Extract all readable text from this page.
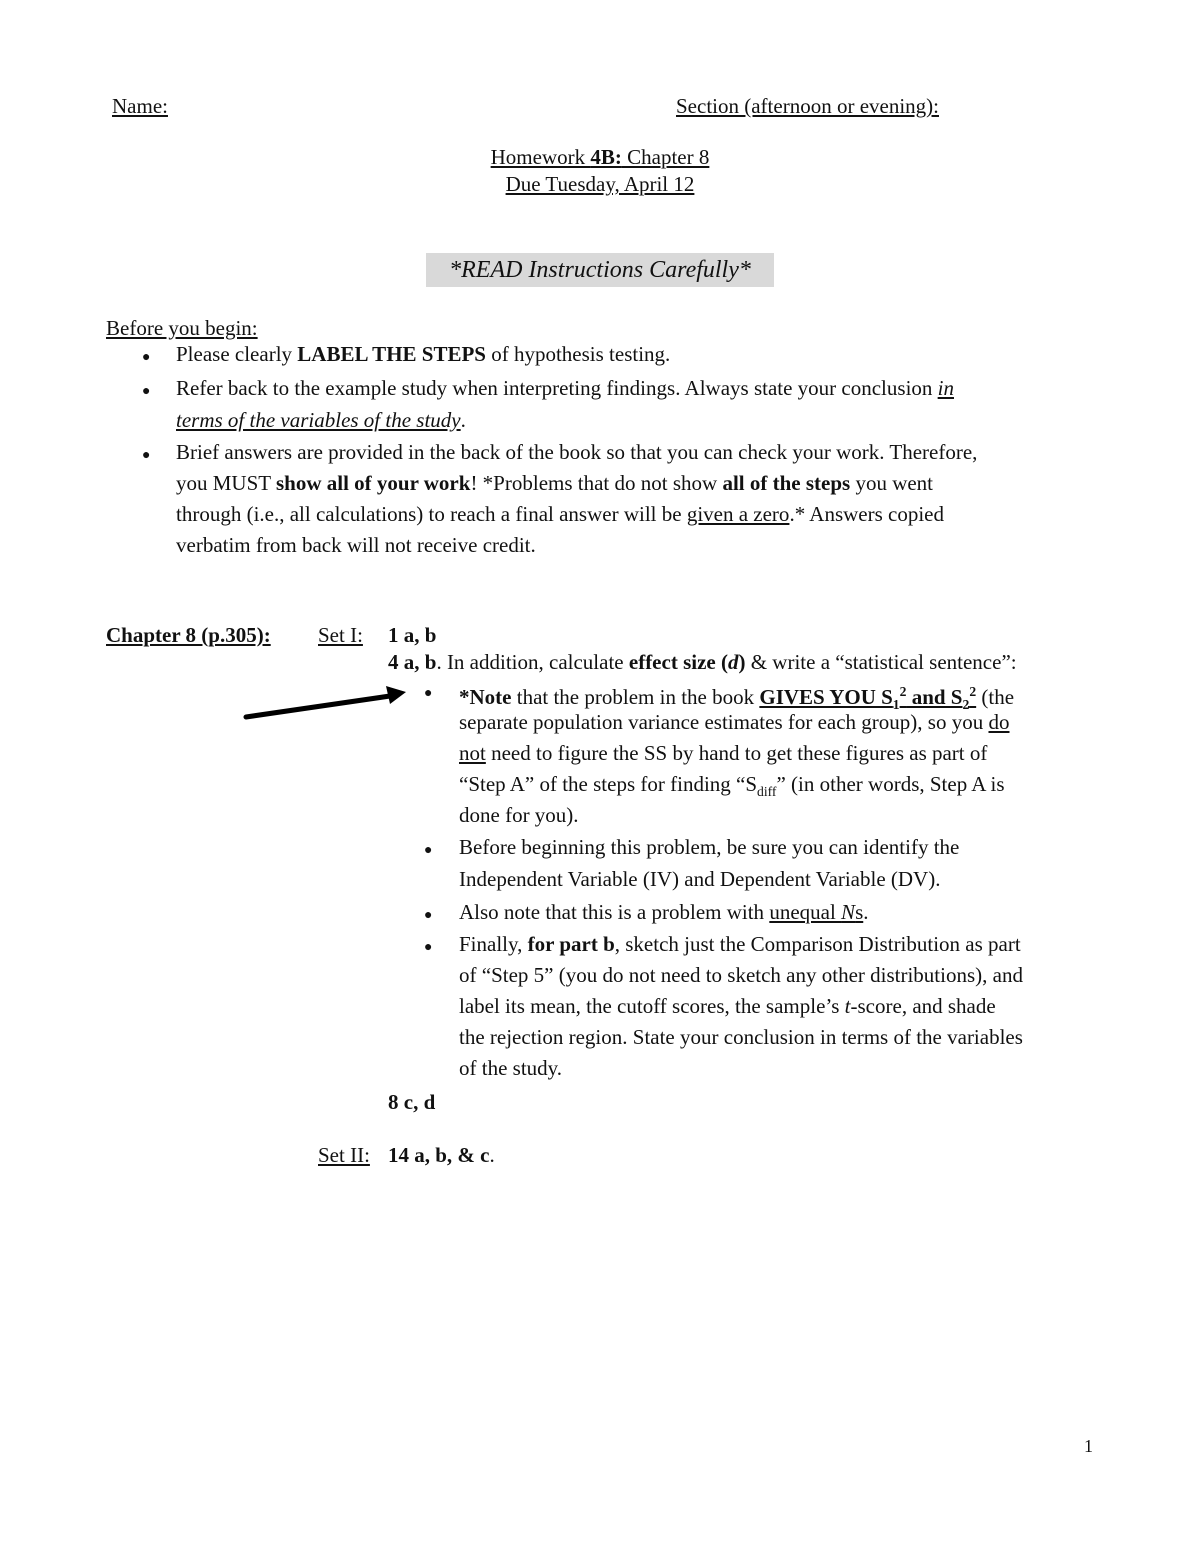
Name:	Section (afternoon or evening):
Homework 4B: Chapter 8
Due Tuesday, April 12
*READ Instructions Carefully*
Before you begin:
● Please clearly LABEL THE STEPS of hypothesis testing.
● Refer back to the example study when interpreting findings. Always state your conclusion in
terms of the variables of the study.
● Brief answers are provided in the back of the book so that you can check your work. Therefore,
you MUST show all of your work! *Problems that do not show all of the steps you went
through (i.e., all calculations) to reach a final answer will be given a zero.* Answers copied
verbatim from back will not receive credit.
Chapter 8 (p.305): Set I: 1 a, b
4 a, b. In addition, calculate effect size (d) & write a “statistical sentence”:
● *Note that the problem in the book GIVES YOU $S_1^2$ and $S_2^2$ (the
separate population variance estimates for each group), so you do
not need to figure the SS by hand to get these figures as part of
“Step A” of the steps for finding “$S_{diff}$” (in other words, Step A is
done for you).
● Before beginning this problem, be sure you can identify the
Independent Variable (IV) and Dependent Variable (DV).
● Also note that this is a problem with unequal Ns.
● Finally, for part b, sketch just the Comparison Distribution as part
of “Step 5” (you do not need to sketch any other distributions), and
label its mean, the cutoff scores, the sample’s t-score, and shade
the rejection region. State your conclusion in terms of the variables
of the study.
8 c, d
Set II: 14 a, b, & c.
1
